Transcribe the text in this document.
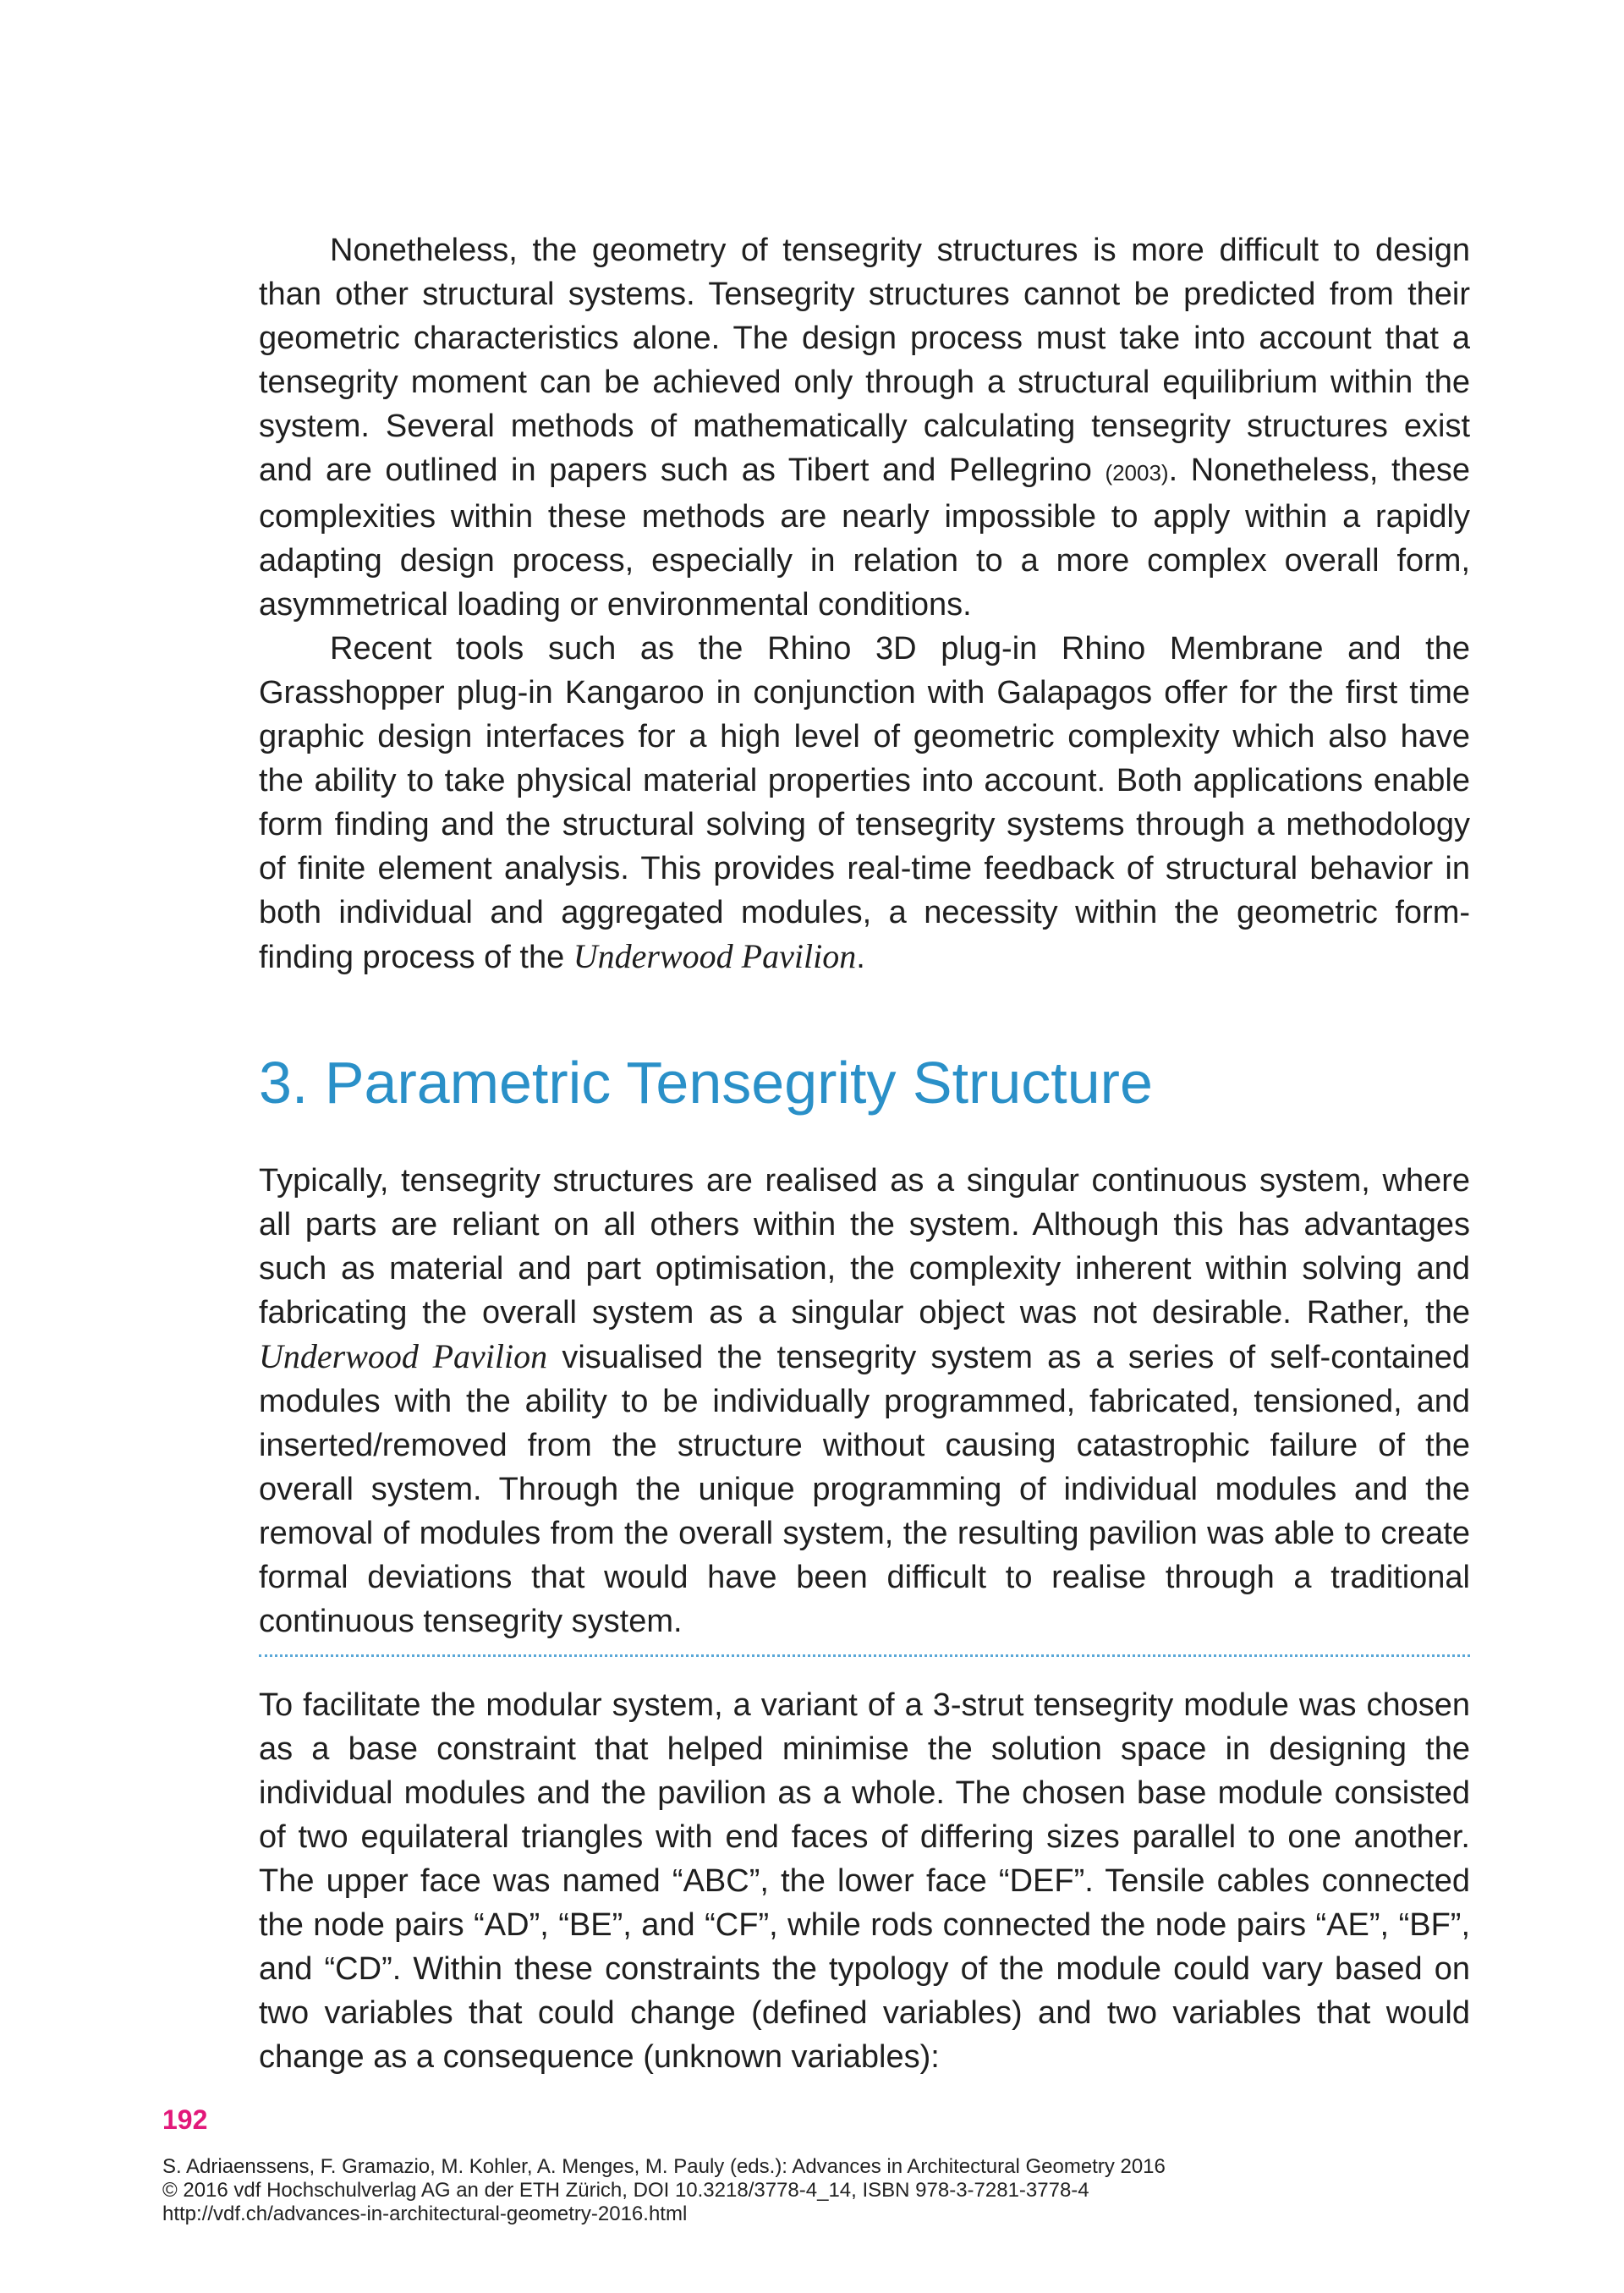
Nonetheless, the geometry of tensegrity structures is more difficult to design than other structural systems. Tensegrity structures cannot be predicted from their geometric characteristics alone. The design process must take into account that a tensegrity moment can be achieved only through a structural equilibrium within the system. Several methods of mathematically calculating tensegrity structures exist and are outlined in papers such as Tibert and Pellegrino (2003). Nonetheless, these complexities within these methods are nearly impossible to apply within a rapidly adapting design process, especially in relation to a more complex overall form, asymmetrical loading or environmental conditions.

Recent tools such as the Rhino 3D plug-in Rhino Membrane and the Grasshopper plug-in Kangaroo in conjunction with Galapagos offer for the first time graphic design interfaces for a high level of geometric complexity which also have the ability to take physical material properties into account. Both applications enable form finding and the structural solving of tensegrity systems through a methodology of finite element analysis. This provides real-time feedback of structural behavior in both individual and aggregated modules, a necessity within the geometric form-finding process of the Underwood Pavilion.

3. Parametric Tensegrity Structure

Typically, tensegrity structures are realised as a singular continuous system, where all parts are reliant on all others within the system. Although this has advantages such as material and part optimisation, the complexity inherent within solving and fabricating the overall system as a singular object was not desirable. Rather, the Underwood Pavilion visualised the tensegrity system as a series of self-contained modules with the ability to be individually programmed, fabricated, tensioned, and inserted/removed from the structure without causing catastrophic failure of the overall system. Through the unique programming of individual modules and the removal of modules from the overall system, the resulting pavilion was able to create formal deviations that would have been difficult to realise through a traditional continuous tensegrity system.

To facilitate the modular system, a variant of a 3-strut tensegrity module was chosen as a base constraint that helped minimise the solution space in designing the individual modules and the pavilion as a whole. The chosen base module consisted of two equilateral triangles with end faces of differing sizes parallel to one another. The upper face was named “ABC”, the lower face “DEF”. Tensile cables connected the node pairs “AD”, “BE”, and “CF”, while rods connected the node pairs “AE”, “BF”, and “CD”. Within these constraints the typology of the module could vary based on two variables that could change (defined variables) and two variables that would change as a consequence (unknown variables):

192
S. Adriaenssens, F. Gramazio, M. Kohler, A. Menges, M. Pauly (eds.): Advances in Architectural Geometry 2016
© 2016 vdf Hochschulverlag AG an der ETH Zürich, DOI 10.3218/3778-4_14, ISBN 978-3-7281-3778-4
http://vdf.ch/advances-in-architectural-geometry-2016.html
